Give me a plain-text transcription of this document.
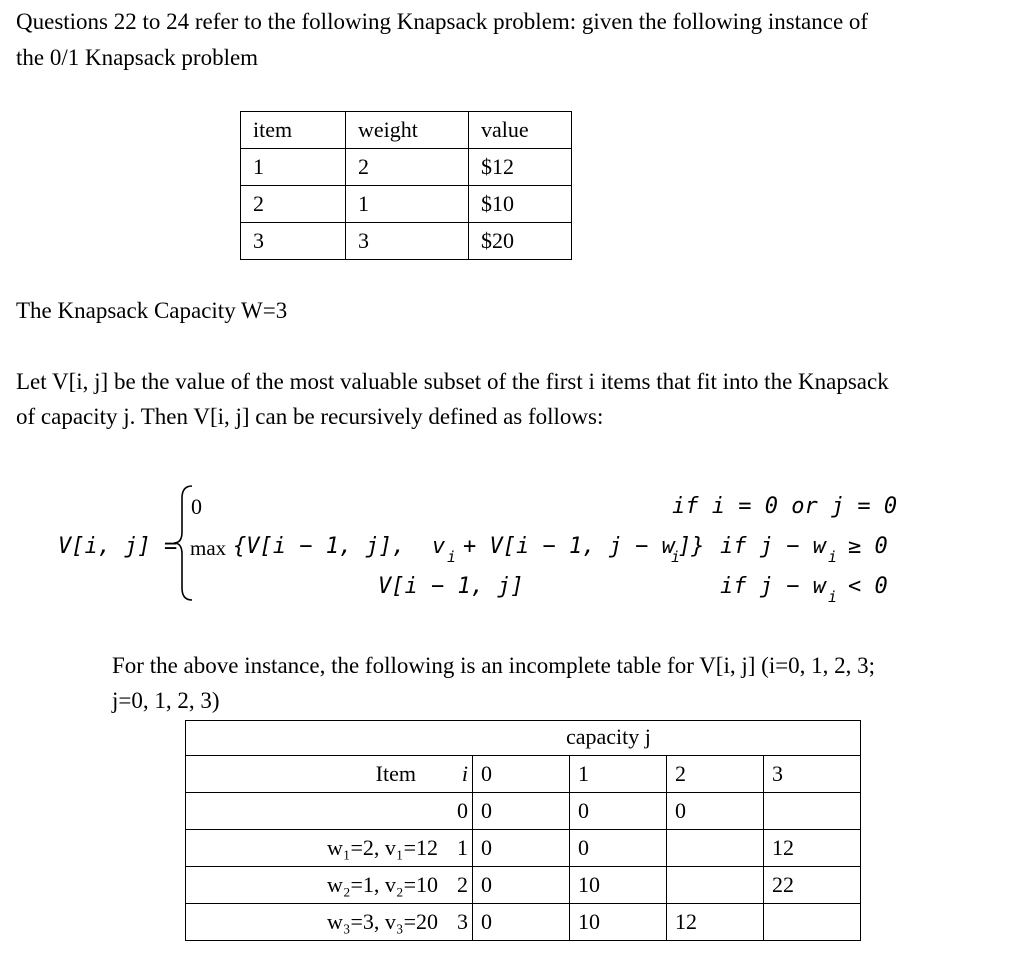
Questions 22 to 24 refer to the following Knapsack problem: given the following instance of

the 0/1 Knapsack problem

item	weight	value
1	2	$12
2	1	$10
3	3	$20

The Knapsack Capacity W=3

Let V[i, j] be the value of the most valuable subset of the first i items that fit into the Knapsack

of capacity j. Then V[i, j] can be recursively defined as follows:

V[i, j] =
0	if i = 0 or j = 0
max {V[i − 1, j], v i + V[i − 1, j − w
i
]} if j − w i ≥ 0
V[i − 1, j]	if j − w i < 0

For the above instance, the following is an incomplete table for V[i, j] (i=0, 1, 2, 3;

j=0, 1, 2, 3)

capacity j					

Item	i	0	1	2	3
	0	0	0	0	
w₁=2, v₁=12	1	0	0		12
w₂=1, v₂=10	2	0	10		22
w₃=3, v₃=20	3	0	10	12	
